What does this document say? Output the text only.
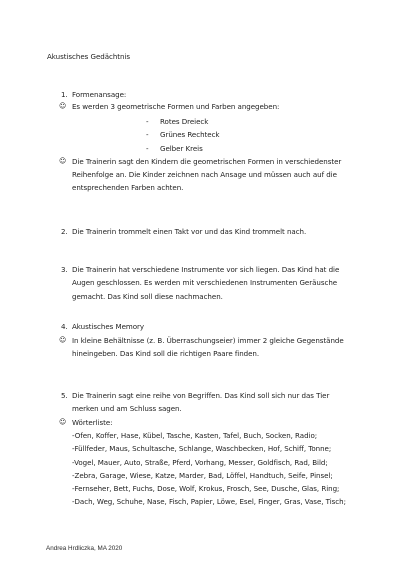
Akustisches Gedächtnis
1. Formenansage:
☺ Es werden 3 geometrische Formen und Farben angegeben:
- Rotes Dreieck
- Grünes Rechteck
- Gelber Kreis
☺ Die Trainerin sagt den Kindern die geometrischen Formen in verschiedenster
Reihenfolge an. Die Kinder zeichnen nach Ansage und müssen auch auf die
entsprechenden Farben achten.
2. Die Trainerin trommelt einen Takt vor und das Kind trommelt nach.
3. Die Trainerin hat verschiedene Instrumente vor sich liegen. Das Kind hat die
Augen geschlossen. Es werden mit verschiedenen Instrumenten Geräusche
gemacht. Das Kind soll diese nachmachen.
4. Akustisches Memory
☺ In kleine Behältnisse (z. B. Überraschungseier) immer 2 gleiche Gegenstände
hineingeben. Das Kind soll die richtigen Paare finden.
5. Die Trainerin sagt eine reihe von Begriffen. Das Kind soll sich nur das Tier
merken und am Schluss sagen.
☺ Wörterliste:
-Ofen, Koffer, Hase, Kübel, Tasche, Kasten, Tafel, Buch, Socken, Radio;
-Füllfeder, Maus, Schultasche, Schlange, Waschbecken, Hof, Schiff, Tonne;
-Vogel, Mauer, Auto, Straße, Pferd, Vorhang, Messer, Goldfisch, Rad, Bild;
-Zebra, Garage, Wiese, Katze, Marder, Bad, Löffel, Handtuch, Seife, Pinsel;
-Fernseher, Bett, Fuchs, Dose, Wolf, Krokus, Frosch, See, Dusche, Glas, Ring;
-Dach, Weg, Schuhe, Nase, Fisch, Papier, Löwe, Esel, Finger, Gras, Vase, Tisch;
Andrea Hrdliczka, MA 2020
